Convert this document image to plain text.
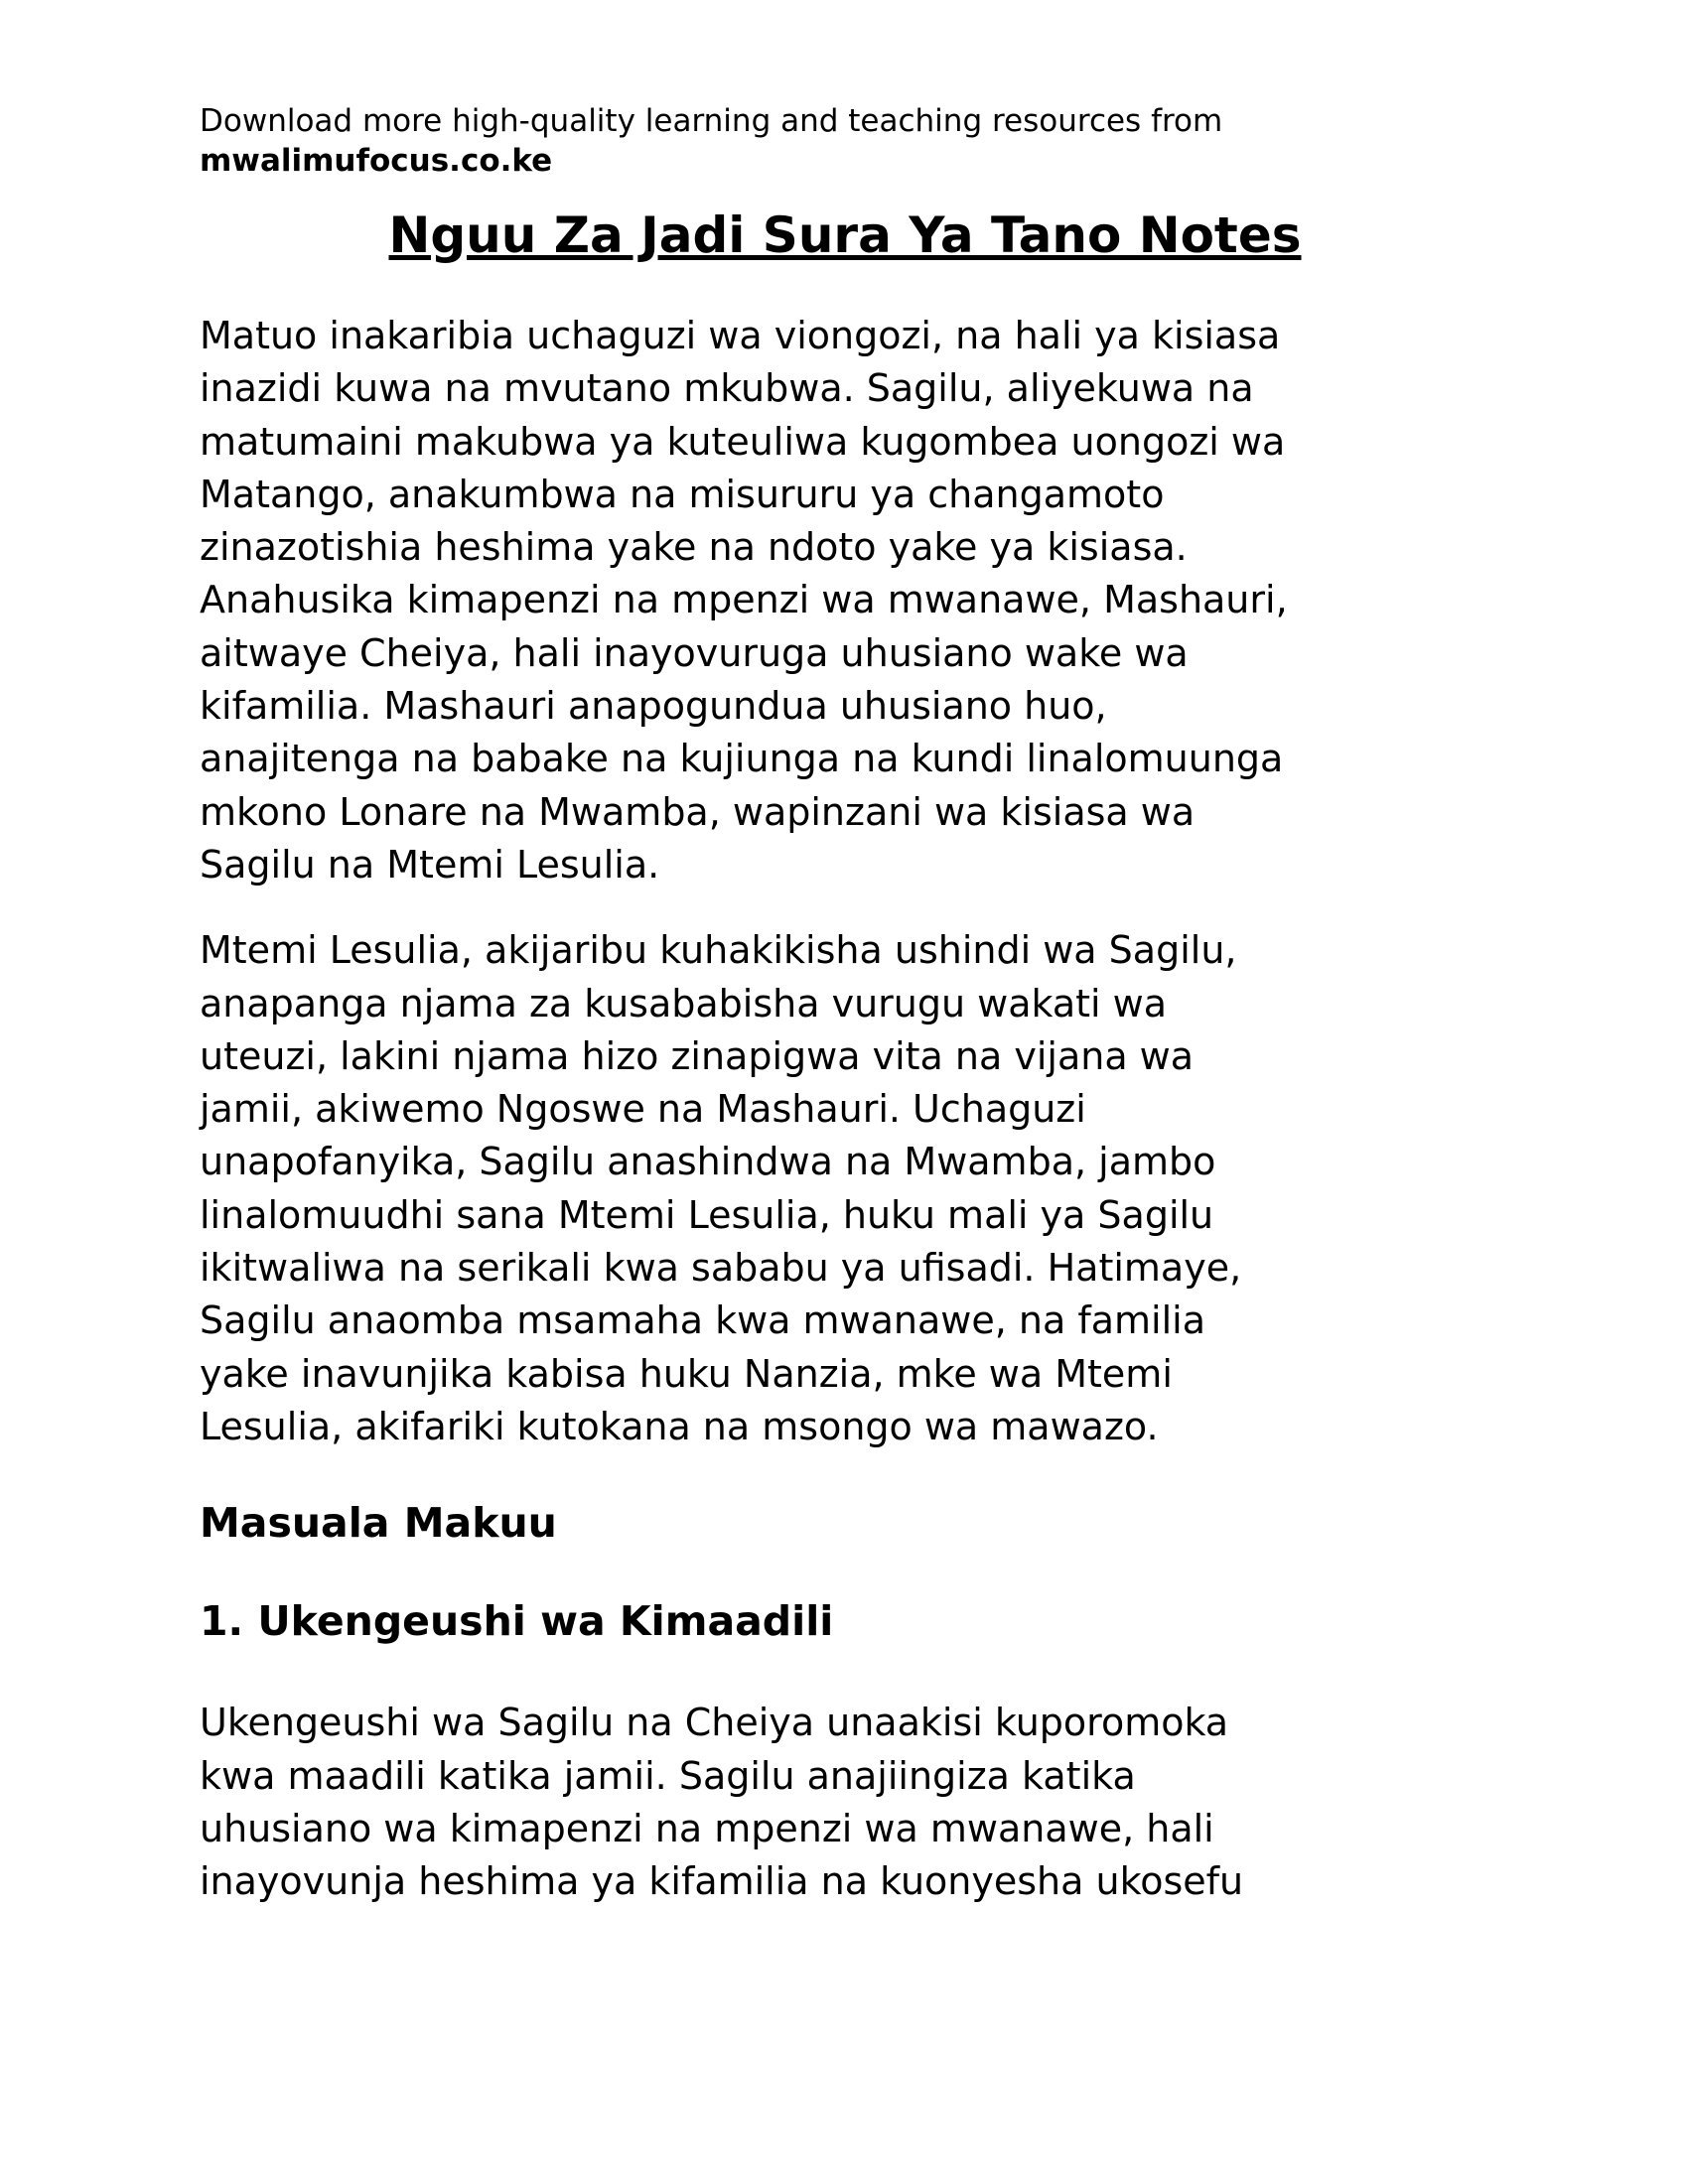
Download more high-quality learning and teaching resources from

mwalimufocus.co.ke

Nguu Za Jadi Sura Ya Tano Notes

Matuo inakaribia uchaguzi wa viongozi, na hali ya kisiasa
inazidi kuwa na mvutano mkubwa. Sagilu, aliyekuwa na
matumaini makubwa ya kuteuliwa kugombea uongozi wa
Matango, anakumbwa na misururu ya changamoto
zinazotishia heshima yake na ndoto yake ya kisiasa.
Anahusika kimapenzi na mpenzi wa mwanawe, Mashauri,
aitwaye Cheiya, hali inayovuruga uhusiano wake wa
kifamilia. Mashauri anapogundua uhusiano huo,
anajitenga na babake na kujiunga na kundi linalomuunga
mkono Lonare na Mwamba, wapinzani wa kisiasa wa
Sagilu na Mtemi Lesulia.

Mtemi Lesulia, akijaribu kuhakikisha ushindi wa Sagilu,
anapanga njama za kusababisha vurugu wakati wa
uteuzi, lakini njama hizo zinapigwa vita na vijana wa
jamii, akiwemo Ngoswe na Mashauri. Uchaguzi
unapofanyika, Sagilu anashindwa na Mwamba, jambo
linalomuudhi sana Mtemi Lesulia, huku mali ya Sagilu
ikitwaliwa na serikali kwa sababu ya ufisadi. Hatimaye,
Sagilu anaomba msamaha kwa mwanawe, na familia
yake inavunjika kabisa huku Nanzia, mke wa Mtemi
Lesulia, akifariki kutokana na msongo wa mawazo.

Masuala Makuu
1. Ukengeushi wa Kimaadili

Ukengeushi wa Sagilu na Cheiya unaakisi kuporomoka
kwa maadili katika jamii. Sagilu anajiingiza katika
uhusiano wa kimapenzi na mpenzi wa mwanawe, hali
inayovunja heshima ya kifamilia na kuonyesha ukosefu
